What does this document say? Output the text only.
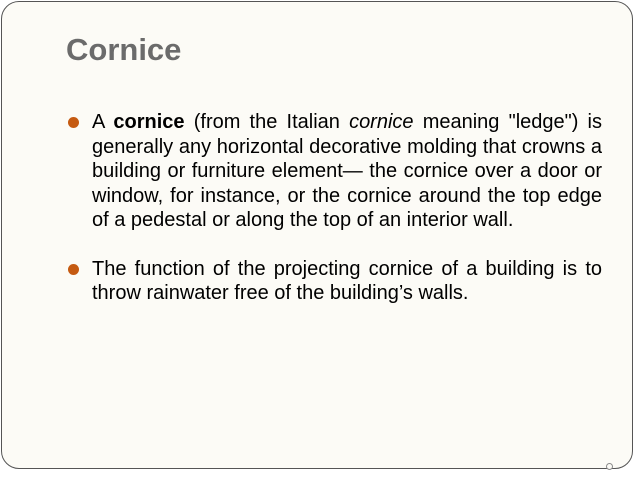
Cornice
A cornice (from the Italian cornice meaning "ledge") is generally any horizontal decorative molding that crowns a building or furniture element— the cornice over a door or window, for instance, or the cornice around the top edge of a pedestal or along the top of an interior wall.
The function of the projecting cornice of a building is to throw rainwater free of the building’s walls.
